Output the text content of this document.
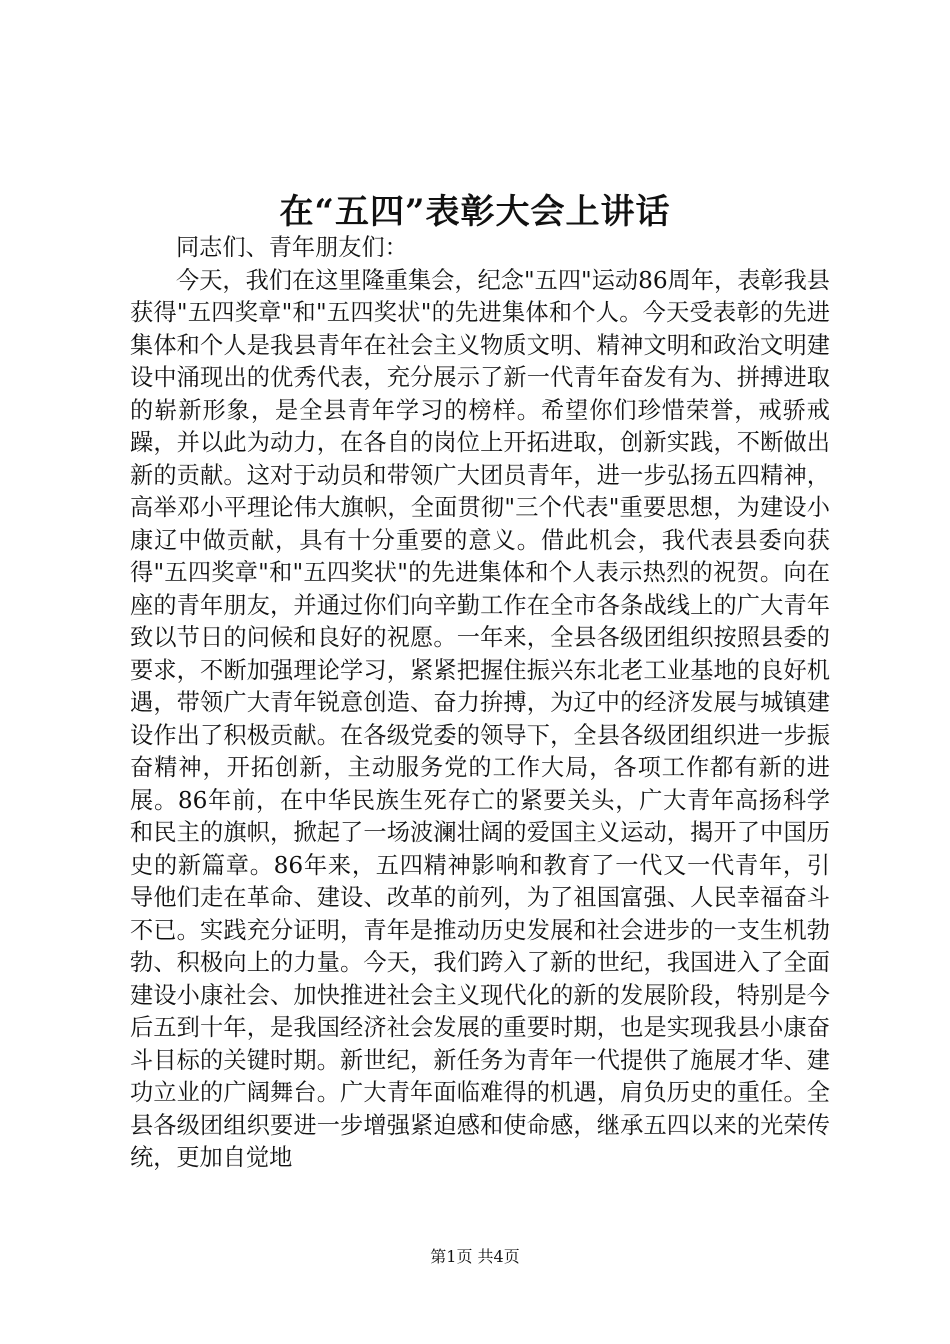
在“五四”表彰大会上讲话

同志们、青年朋友们：

今天，我们在这里隆重集会，纪念"五四"运动86周年，表彰我县获得"五四奖章"和"五四奖状"的先进集体和个人。今天受表彰的先进集体和个人是我县青年在社会主义物质文明、精神文明和政治文明建设中涌现出的优秀代表，充分展示了新一代青年奋发有为、拼搏进取的崭新形象，是全县青年学习的榜样。希望你们珍惜荣誉，戒骄戒躁，并以此为动力，在各自的岗位上开拓进取，创新实践，不断做出新的贡献。这对于动员和带领广大团员青年，进一步弘扬五四精神，高举邓小平理论伟大旗帜，全面贯彻"三个代表"重要思想，为建设小康辽中做贡献，具有十分重要的意义。借此机会，我代表县委向获得"五四奖章"和"五四奖状"的先进集体和个人表示热烈的祝贺。向在座的青年朋友，并通过你们向辛勤工作在全市各条战线上的广大青年致以节日的问候和良好的祝愿。一年来，全县各级团组织按照县委的要求，不断加强理论学习，紧紧把握住振兴东北老工业基地的良好机遇，带领广大青年锐意创造、奋力拚搏，为辽中的经济发展与城镇建设作出了积极贡献。在各级党委的领导下，全县各级团组织进一步振奋精神，开拓创新，主动服务党的工作大局，各项工作都有新的进展。86年前，在中华民族生死存亡的紧要关头，广大青年高扬科学和民主的旗帜，掀起了一场波澜壮阔的爱国主义运动，揭开了中国历史的新篇章。86年来，五四精神影响和教育了一代又一代青年，引导他们走在革命、建设、改革的前列，为了祖国富强、人民幸福奋斗不已。实践充分证明，青年是推动历史发展和社会进步的一支生机勃勃、积极向上的力量。今天，我们跨入了新的世纪，我国进入了全面建设小康社会、加快推进社会主义现代化的新的发展阶段，特别是今后五到十年，是我国经济社会发展的重要时期，也是实现我县小康奋斗目标的关键时期。新世纪，新任务为青年一代提供了施展才华、建功立业的广阔舞台。广大青年面临难得的机遇，肩负历史的重任。全县各级团组织要进一步增强紧迫感和使命感，继承五四以来的光荣传统，更加自觉地

第1页 共4页
